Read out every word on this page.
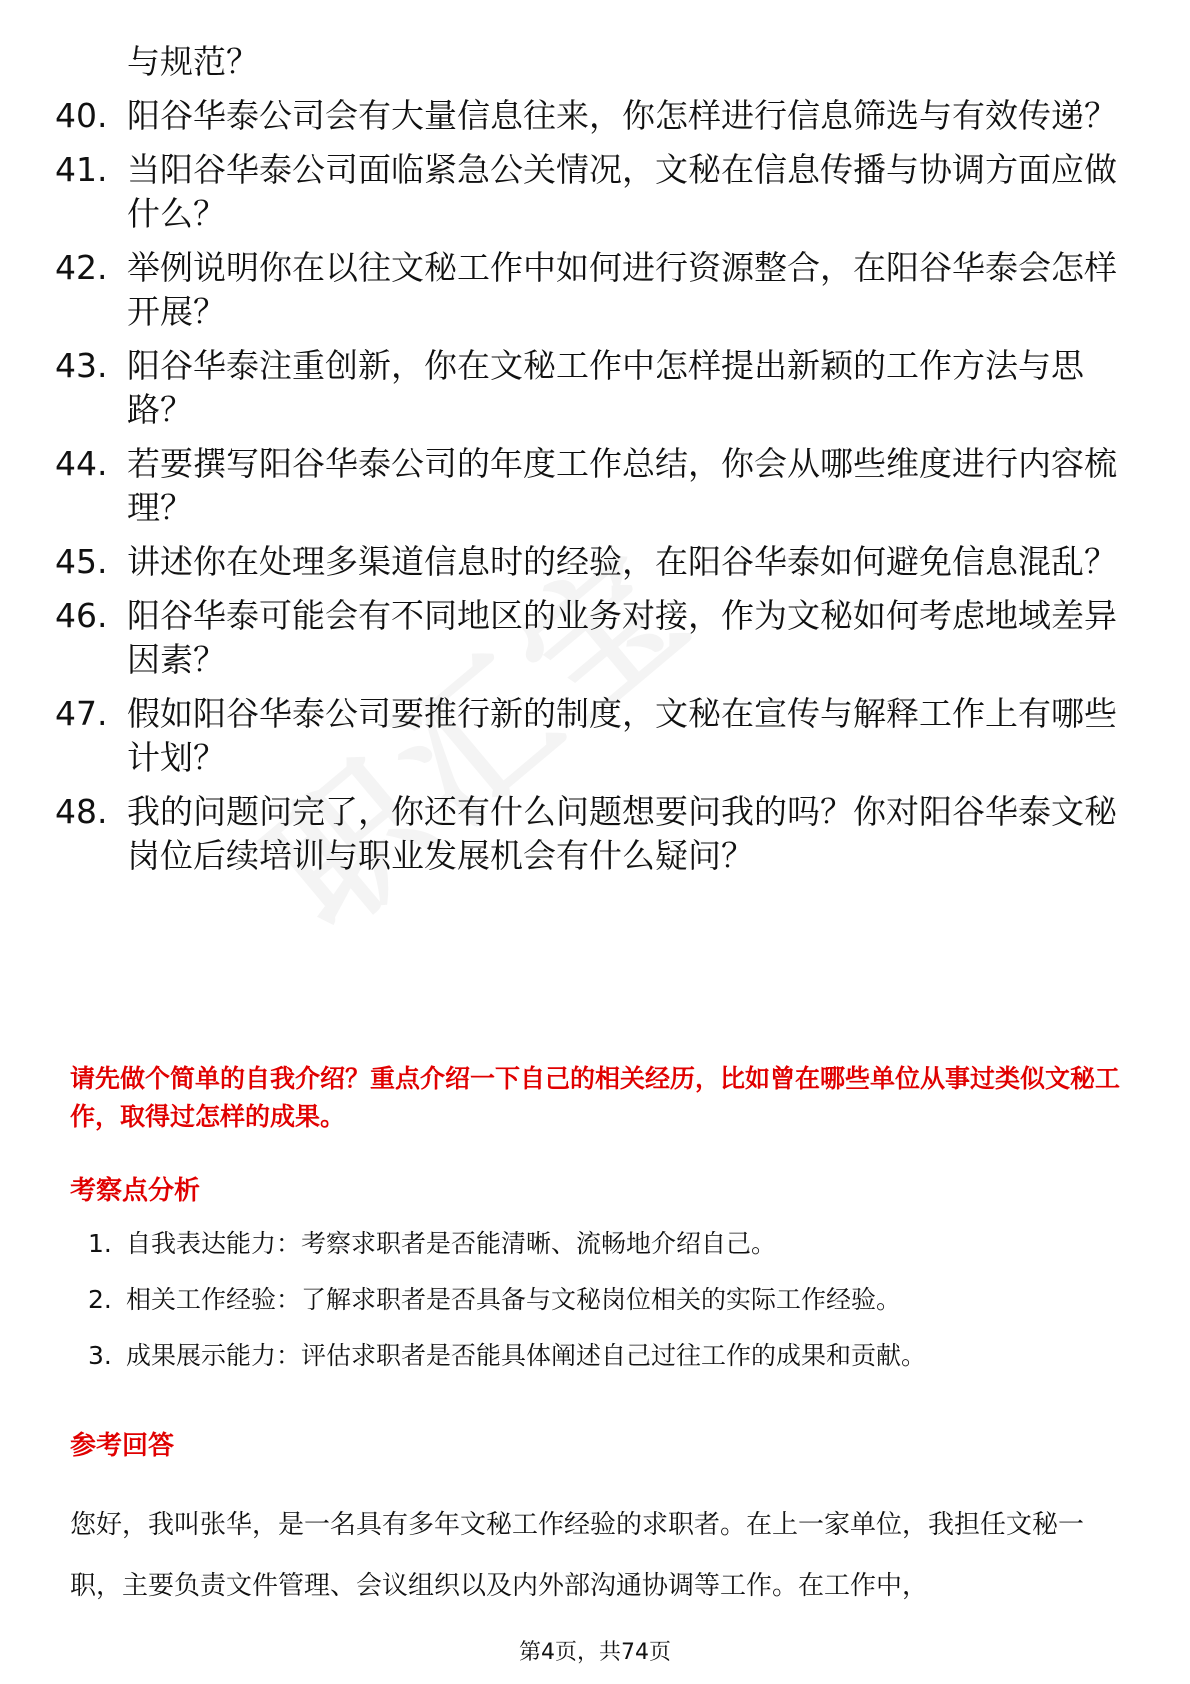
与规范？
40. 阳谷华泰公司会有大量信息往来，你怎样进行信息筛选与有效传递？
41. 当阳谷华泰公司面临紧急公关情况，文秘在信息传播与协调方面应做什么？
42. 举例说明你在以往文秘工作中如何进行资源整合，在阳谷华泰会怎样开展？
43. 阳谷华泰注重创新，你在文秘工作中怎样提出新颖的工作方法与思路？
44. 若要撰写阳谷华泰公司的年度工作总结，你会从哪些维度进行内容梳理？
45. 讲述你在处理多渠道信息时的经验，在阳谷华泰如何避免信息混乱？
46. 阳谷华泰可能会有不同地区的业务对接，作为文秘如何考虑地域差异因素？
47. 假如阳谷华泰公司要推行新的制度，文秘在宣传与解释工作上有哪些计划？
48. 我的问题问完了，你还有什么问题想要问我的吗？你对阳谷华泰文秘岗位后续培训与职业发展机会有什么疑问？
请先做个简单的自我介绍？重点介绍一下自己的相关经历，比如曾在哪些单位从事过类似文秘工作，取得过怎样的成果。
考察点分析
1. 自我表达能力：考察求职者是否能清晰、流畅地介绍自己。
2. 相关工作经验：了解求职者是否具备与文秘岗位相关的实际工作经验。
3. 成果展示能力：评估求职者是否能具体阐述自己过往工作的成果和贡献。
参考回答
您好，我叫张华，是一名具有多年文秘工作经验的求职者。在上一家单位，我担任文秘一职，主要负责文件管理、会议组织以及内外部沟通协调等工作。在工作中，
第4页，共74页
